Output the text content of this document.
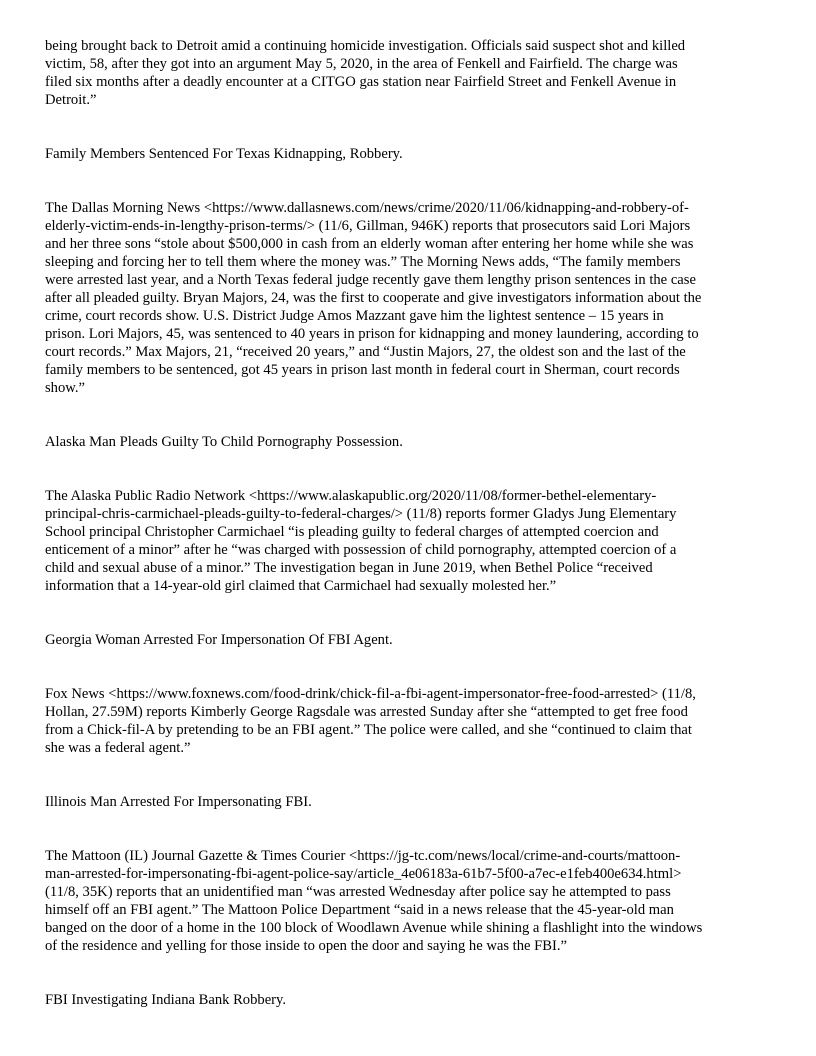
being brought back to Detroit amid a continuing homicide investigation. Officials said suspect shot and killed
victim, 58, after they got into an argument May 5, 2020, in the area of Fenkell and Fairfield. The charge was
filed six months after a deadly encounter at a CITGO gas station near Fairfield Street and Fenkell Avenue in
Detroit.”

Family Members Sentenced For Texas Kidnapping, Robbery.

The Dallas Morning News <https://www.dallasnews.com/news/crime/2020/11/06/kidnapping-and-robbery-of-
elderly-victim-ends-in-lengthy-prison-terms/> (11/6, Gillman, 946K) reports that prosecutors said Lori Majors
and her three sons “stole about $500,000 in cash from an elderly woman after entering her home while she was
sleeping and forcing her to tell them where the money was.” The Morning News adds, “The family members
were arrested last year, and a North Texas federal judge recently gave them lengthy prison sentences in the case
after all pleaded guilty. Bryan Majors, 24, was the first to cooperate and give investigators information about the
crime, court records show. U.S. District Judge Amos Mazzant gave him the lightest sentence – 15 years in
prison. Lori Majors, 45, was sentenced to 40 years in prison for kidnapping and money laundering, according to
court records.” Max Majors, 21, “received 20 years,” and “Justin Majors, 27, the oldest son and the last of the
family members to be sentenced, got 45 years in prison last month in federal court in Sherman, court records
show.”

Alaska Man Pleads Guilty To Child Pornography Possession.

The Alaska Public Radio Network <https://www.alaskapublic.org/2020/11/08/former-bethel-elementary-
principal-chris-carmichael-pleads-guilty-to-federal-charges/> (11/8) reports former Gladys Jung Elementary
School principal Christopher Carmichael “is pleading guilty to federal charges of attempted coercion and
enticement of a minor” after he “was charged with possession of child pornography, attempted coercion of a
child and sexual abuse of a minor.” The investigation began in June 2019, when Bethel Police “received
information that a 14-year-old girl claimed that Carmichael had sexually molested her.”

Georgia Woman Arrested For Impersonation Of FBI Agent.

Fox News <https://www.foxnews.com/food-drink/chick-fil-a-fbi-agent-impersonator-free-food-arrested> (11/8,
Hollan, 27.59M) reports Kimberly George Ragsdale was arrested Sunday after she “attempted to get free food
from a Chick-fil-A by pretending to be an FBI agent.” The police were called, and she “continued to claim that
she was a federal agent.”

Illinois Man Arrested For Impersonating FBI.

The Mattoon (IL) Journal Gazette & Times Courier <https://jg-tc.com/news/local/crime-and-courts/mattoon-
man-arrested-for-impersonating-fbi-agent-police-say/article_4e06183a-61b7-5f00-a7ec-e1feb400e634.html>
(11/8, 35K) reports that an unidentified man “was arrested Wednesday after police say he attempted to pass
himself off an FBI agent.” The Mattoon Police Department “said in a news release that the 45-year-old man
banged on the door of a home in the 100 block of Woodlawn Avenue while shining a flashlight into the windows
of the residence and yelling for those inside to open the door and saying he was the FBI.”

FBI Investigating Indiana Bank Robbery.
